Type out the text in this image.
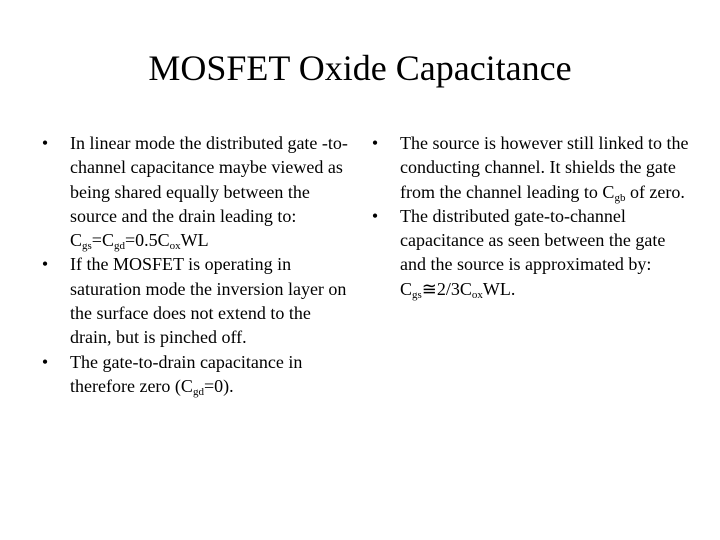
MOSFET Oxide Capacitance
•	In linear mode the distributed gate -to-channel capacitance maybe viewed as being shared equally between the source and the drain leading to: $C_{gs}=C_{gd}=0.5C_{ox}WL$
•	If the MOSFET is operating in saturation mode the inversion layer on the surface does not extend to the drain, but is pinched off.
•	The gate-to-drain capacitance in therefore zero $(C_{gd}=0)$.
•	The source is however still linked to the conducting channel. It shields the gate from the channel leading to $C_{gb}$ of zero.
•	The distributed gate-to-channel capacitance as seen between the gate and the source is approximated by: $C_{gs}≅2/3C_{ox}WL$.
